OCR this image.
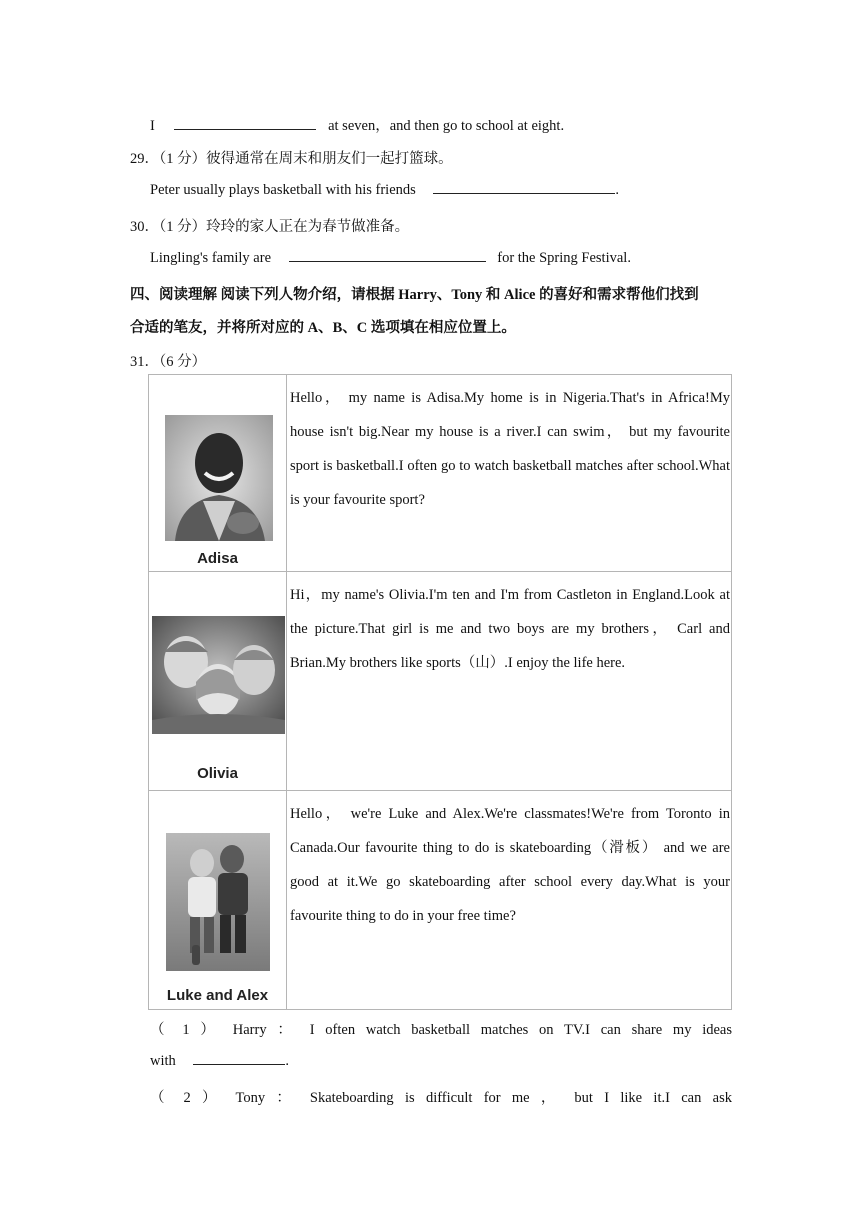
I	at seven，and then go to school at eight.
29．（1 分）彼得通常在周末和朋友们一起打篮球。
Peter usually plays basketball with his friends	.
30．（1 分）玲玲的家人正在为春节做准备。
Lingling's family are	for the Spring Festival.
四、阅读理解 阅读下列人物介绍，请根据 Harry、Tony 和 Alice 的喜好和需求帮他们找到
合适的笔友，并将所对应的 A、B、C 选项填在相应位置上。
31．（6 分）
Adisa	Hello， my name is Adisa.My home is in Nigeria.That's in Africa!My house isn't big.Near my house is a river.I can swim， but my favourite sport is basketball.I often go to watch basketball matches after school.What is your favourite sport?

Olivia	Hi，my name's Olivia.I'm ten and I'm from Castleton in England.Look at the picture.That girl is me and two boys are my brothers， Carl and Brian.My brothers like sports（山）.I enjoy the life here.

Luke and Alex	Hello， we're Luke and Alex.We're classmates!We're from Toronto in Canada.Our favourite thing to do is skateboarding（滑板） and we are good at it.We go skateboarding after school every day.What is your favourite thing to do in your free time?

（ 1 ） Harry ： I often watch basketball matches on TV.I can share my ideas
with	.
（ 2 ） Tony ： Skateboarding is difficult for me ， but I like it.I can ask
